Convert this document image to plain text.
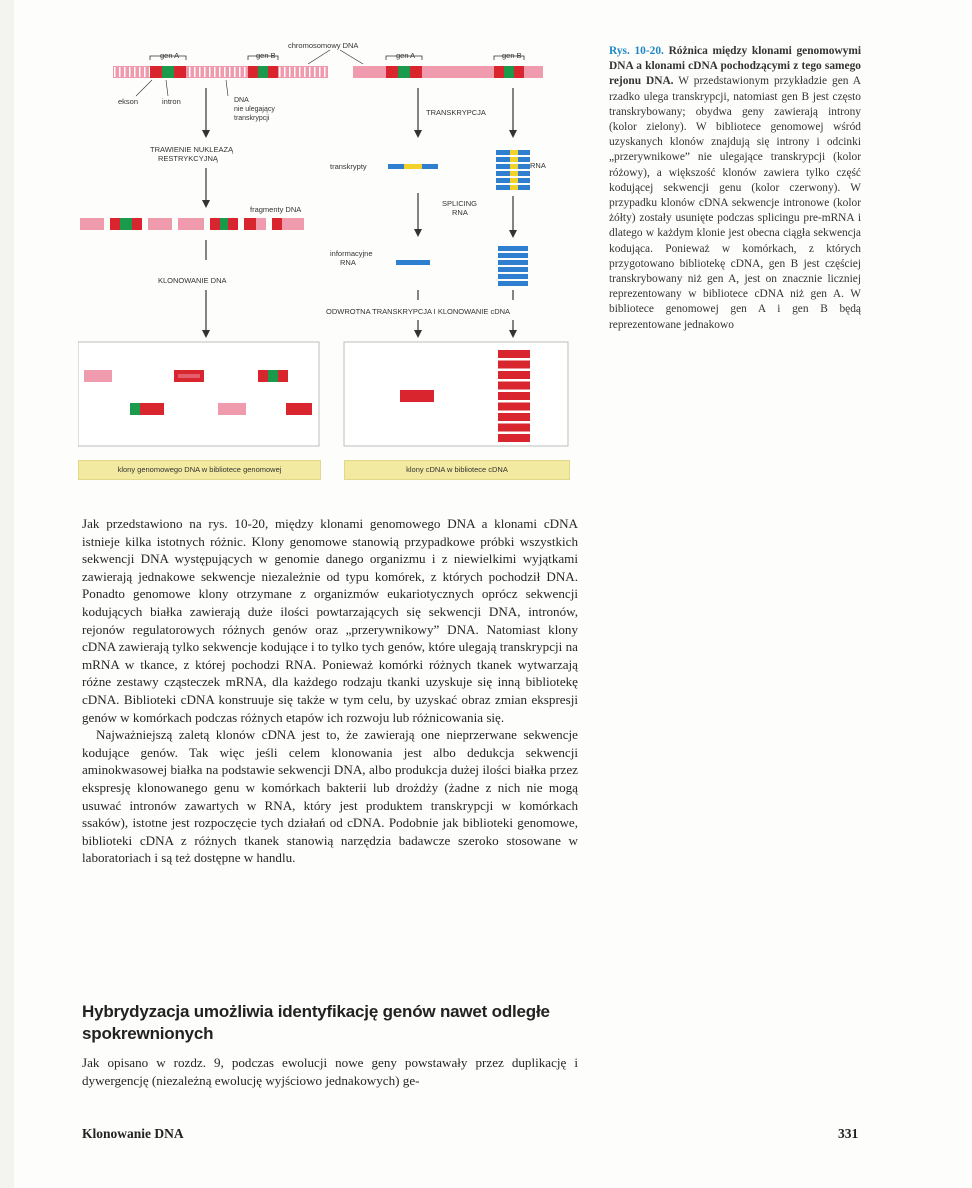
gen A	gen B
chromosomowy DNA
ekson	intron	DNA
nie ulegający
transkrypcji
TRAWIENIE NUKLEAZĄ
RESTRYKCYJNĄ
fragmenty DNA
KLONOWANIE DNA
gen A	gen B
TRANSKRYPCJA
transkrypty	RNA
SPLICING
RNA
informacyjne
RNA
ODWROTNA TRANSKRYPCJA I KLONOWANIE cDNA
klony genomowego DNA w bibliotece genomowej	klony cDNA w bibliotece cDNA
Rys. 10-20. Różnica między klonami genomowymi DNA a klonami cDNA pochodzącymi z tego samego rejonu DNA. W przedstawionym przykładzie gen A rzadko ulega transkrypcji, natomiast gen B jest często transkrybowany; obydwa geny zawierają introny (kolor zielony). W bibliotece genomowej wśród uzyskanych klonów znajdują się introny i odcinki „przerywnikowe” nie ulegające transkrypcji (kolor różowy), a większość klonów zawiera tylko część kodującej sekwencji genu (kolor czerwony). W przypadku klonów cDNA sekwencje intronowe (kolor żółty) zostały usunięte podczas splicingu pre-mRNA i dlatego w każdym klonie jest obecna ciągła sekwencja kodująca. Ponieważ w komórkach, z których przygotowano bibliotekę cDNA, gen B jest częściej transkrybowany niż gen A, jest on znacznie liczniej reprezentowany w bibliotece cDNA niż gen A. W bibliotece genomowej gen A i gen B będą reprezentowane jednakowo

Jak przedstawiono na rys. 10-20, między klonami genomowego DNA a klonami cDNA istnieje kilka istotnych różnic. Klony genomowe stanowią przypadkowe próbki wszystkich sekwencji DNA występujących w genomie danego organizmu i z niewielkimi wyjątkami zawierają jednakowe sekwencje niezależnie od typu komórek, z których pochodził DNA. Ponadto genomowe klony otrzymane z organizmów eukariotycznych oprócz sekwencji kodujących białka zawierają duże ilości powtarzających się sekwencji DNA, intronów, rejonów regulatorowych różnych genów oraz „przerywnikowy” DNA. Natomiast klony cDNA zawierają tylko sekwencje kodujące i to tylko tych genów, które ulegają transkrypcji na mRNA w tkance, z której pochodzi RNA. Ponieważ komórki różnych tkanek wytwarzają różne zestawy cząsteczek mRNA, dla każdego rodzaju tkanki uzyskuje się inną bibliotekę cDNA. Biblioteki cDNA konstruuje się także w tym celu, by uzyskać obraz zmian ekspresji genów w komórkach podczas różnych etapów ich rozwoju lub różnicowania się.

Najważniejszą zaletą klonów cDNA jest to, że zawierają one nieprzerwane sekwencje kodujące genów. Tak więc jeśli celem klonowania jest albo dedukcja sekwencji aminokwasowej białka na podstawie sekwencji DNA, albo produkcja dużej ilości białka przez ekspresję klonowanego genu w komórkach bakterii lub drożdży (żadne z nich nie mogą usuwać intronów zawartych w RNA, który jest produktem transkrypcji w komórkach ssaków), istotne jest rozpoczęcie tych działań od cDNA. Podobnie jak biblioteki genomowe, biblioteki cDNA z różnych tkanek stanowią narzędzia badawcze szeroko stosowane w laboratoriach i są też dostępne w handlu.

Hybrydyzacja umożliwia identyfikację genów nawet odległe spokrewnionych

Jak opisano w rozdz. 9, podczas ewolucji nowe geny powstawały przez duplikację i dywergencję (niezależną ewolucję wyjściowo jednakowych) ge-

Klonowanie DNA	331
